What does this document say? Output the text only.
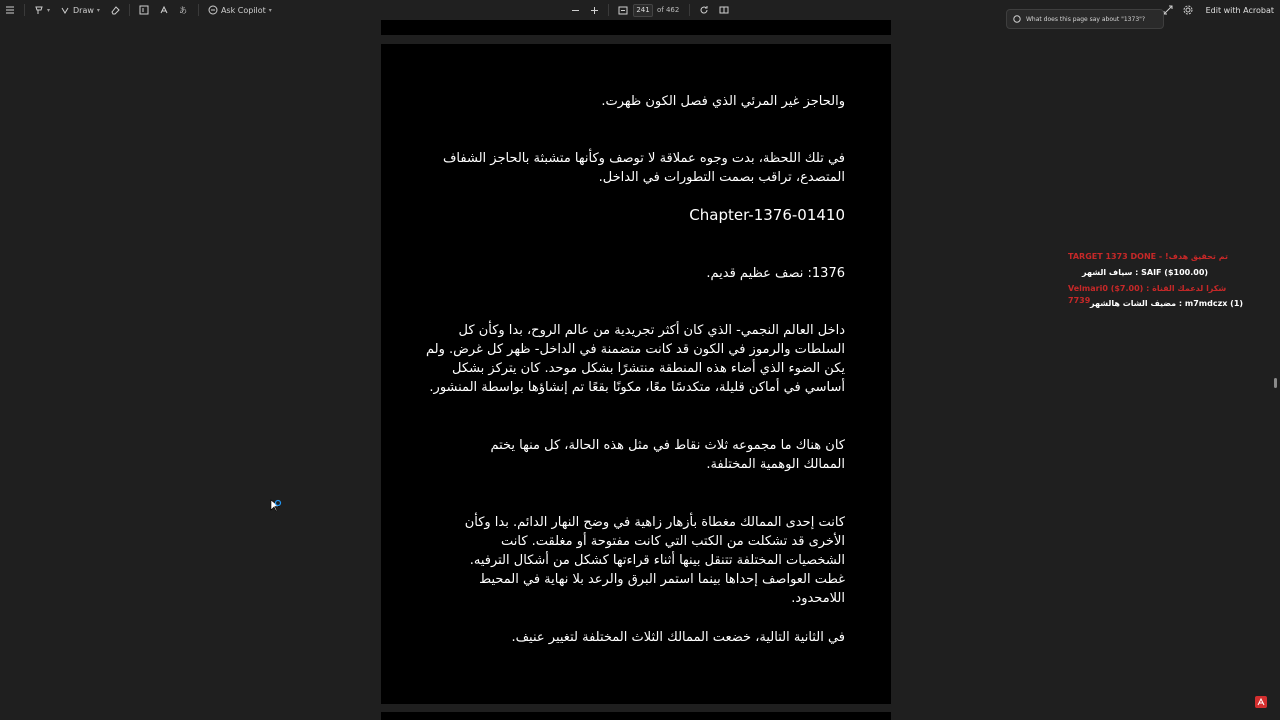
▾	Draw ▾	あ	Ask Copilot ▾	241	of 462	Edit with Acrobat
What does this page say about "1373"?
والحاجز غير المرئي الذي فصل الكون ظهرت.
في تلك اللحظة، بدت وجوه عملاقة لا توصف وكأنها متشبثة بالحاجز الشفاف المتصدع، تراقب بصمت التطورات في الداخل.
Chapter-1376-01410
1376: نصف عظيم قديم.
داخل العالم النجمي- الذي كان أكثر تجريدية من عالم الروح، بدا وكأن كل السلطات والرموز في الكون قد كانت متضمنة في الداخل- ظهر كل غرض. ولم يكن الضوء الذي أضاء هذه المنطقة منتشرًا بشكل موحد. كان يتركز بشكل أساسي في أماكن قليلة، متكدسًا معًا، مكونًا بقعًا تم إنشاؤها بواسطة المنشور.
كان هناك ما مجموعه ثلاث نقاط في مثل هذه الحالة، كل منها يختم الممالك الوهمية المختلفة.
كانت إحدى الممالك مغطاة بأزهار زاهية في وضح النهار الدائم. بدا وكأن الأخرى قد تشكلت من الكتب التي كانت مفتوحة أو مغلقت. كانت الشخصيات المختلفة تتنقل بينها أثناء قراءتها كشكل من أشكال الترفيه. غطت العواصف إحداها بينما استمر البرق والرعد بلا نهاية في المحيط اللامحدود.
في الثانية التالية، خضعت الممالك الثلاث المختلفة لتغيير عنيف.
TARGET 1373 DONE - !تم تحقيق هدف
سياف الشهر : SAIF ($100.00)
Velmari0 ($7.00) : شكرا لدعمك القناة
7739 مضيف الشات هالشهر : m7mdczx (1)
